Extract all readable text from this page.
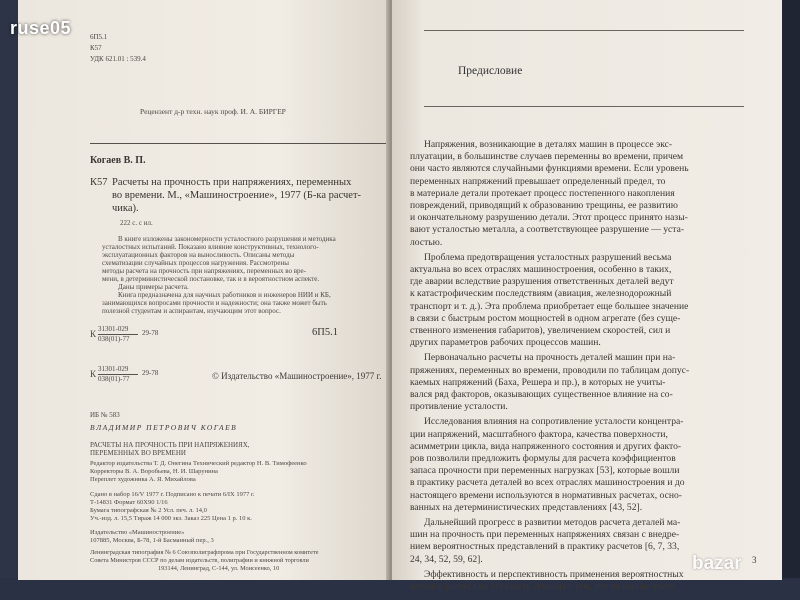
6П5.1
К57
УДК 621.01 : 539.4
Рецензент д-р техн. наук проф. И. А. БИРГЕР
Когаев В. П.
К57 Расчеты на прочность при напряжениях, переменных
во времени. М., «Машиностроение», 1977 (Б-ка расчет-
чика).
222 с. с ил.
В книге изложены закономерности усталостного разрушения и методика
усталостных испытаний. Показано влияние конструктивных, технолого-
эксплуатационных факторов на выносливость. Описаны методы
схематизации случайных процессов нагружения. Рассмотрены
методы расчета на прочность при напряжениях, переменных во вре-
мени, в детерминистической постановке, так и в вероятностном аспекте.
Даны примеры расчета.
Книга предназначена для научных работников и инженеров НИИ и КБ,
занимающихся вопросами прочности и надежности; она также может быть
полезной студентам и аспирантам, изучающим этот вопрос.
31301-029
К 038(01)-77
29-78	6П5.1
31301-029
К 038(01)-77
29-78	© Издательство «Машиностроение», 1977 г.
ИБ № 583
ВЛАДИМИР ПЕТРОВИЧ КОГАЕВ
РАСЧЕТЫ НА ПРОЧНОСТЬ ПРИ НАПРЯЖЕНИЯХ,
ПЕРЕМЕННЫХ ВО ВРЕМЕНИ
Редактор издательства Т. Д. Онегина Технический редактор Н. В. Тимофеенко
Корректоры В. А. Воробьева, Н. И. Шарунина
Переплет художника А. Я. Михайлова
Сдано в набор 16/V 1977 г. Подписано к печати 6/IX 1977 г.
Т-14831 Формат 60Х90 1/16
Бумага типографская № 2 Усл. печ. л. 14,0
Уч.-изд. л. 15,5 Тираж 14 000 экз. Заказ 225 Цена 1 р. 10 к.
Издательство «Машиностроение»
107885, Москва, Б-78, 1-й Басманный пер., 3
Ленинградская типография № 6 Союзполиграфпрома при Государственном комитете
Совета Министров СССР по делам издательств, полиграфии и книжной торговли
193144, Ленинград, С-144, ул. Моисеенко, 10
Предисловие
Напряжения, возникающие в деталях машин в процессе экс-
плуатации, в большинстве случаев переменны во времени, причем
они часто являются случайными функциями времени. Если уровень
переменных напряжений превышает определенный предел, то
в материале детали протекает процесс постепенного накопления
повреждений, приводящий к образованию трещины, ее развитию
и окончательному разрушению детали. Этот процесс принято назы-
вают усталостью металла, а соответствующее разрушение — уста-
лостью.
Проблема предотвращения усталостных разрушений весьма
актуальна во всех отраслях машиностроения, особенно в таких,
где аварии вследствие разрушения ответственных деталей ведут
к катастрофическим последствиям (авиация, железнодорожный
транспорт и т. д.). Эта проблема приобретает еще большее значение
в связи с быстрым ростом мощностей в одном агрегате (без суще-
ственного изменения габаритов), увеличением скоростей, сил и
других параметров рабочих процессов машин.
Первоначально расчеты на прочность деталей машин при на-
пряжениях, переменных во времени, проводили по таблицам допус-
каемых напряжений (Баха, Решера и пр.), в которых не учиты-
вался ряд факторов, оказывающих существенное влияние на со-
противление усталости.
Исследования влияния на сопротивление усталости концентра-
ции напряжений, масштабного фактора, качества поверхности,
асимметрии цикла, вида напряженного состояния и других факто-
ров позволили предложить формулы для расчета коэффициентов
запаса прочности при переменных нагрузках [53], которые вошли
в практику расчета деталей во всех отраслях машиностроения и до
настоящего времени используются в нормативных расчетах, осно-
ванных на детерминистических представлениях [43, 52].
Дальнейший прогресс в развитии методов расчета деталей ма-
шин на прочность при переменных напряжениях связан с внедре-
нием вероятностных представлений в практику расчетов [6, 7, 33,
24, 34, 52, 59, 62].
Эффективность и перспективность применения вероятностных
методов расчета на усталость связаны с тем, что на основе учета
3
ruse05
bazar
